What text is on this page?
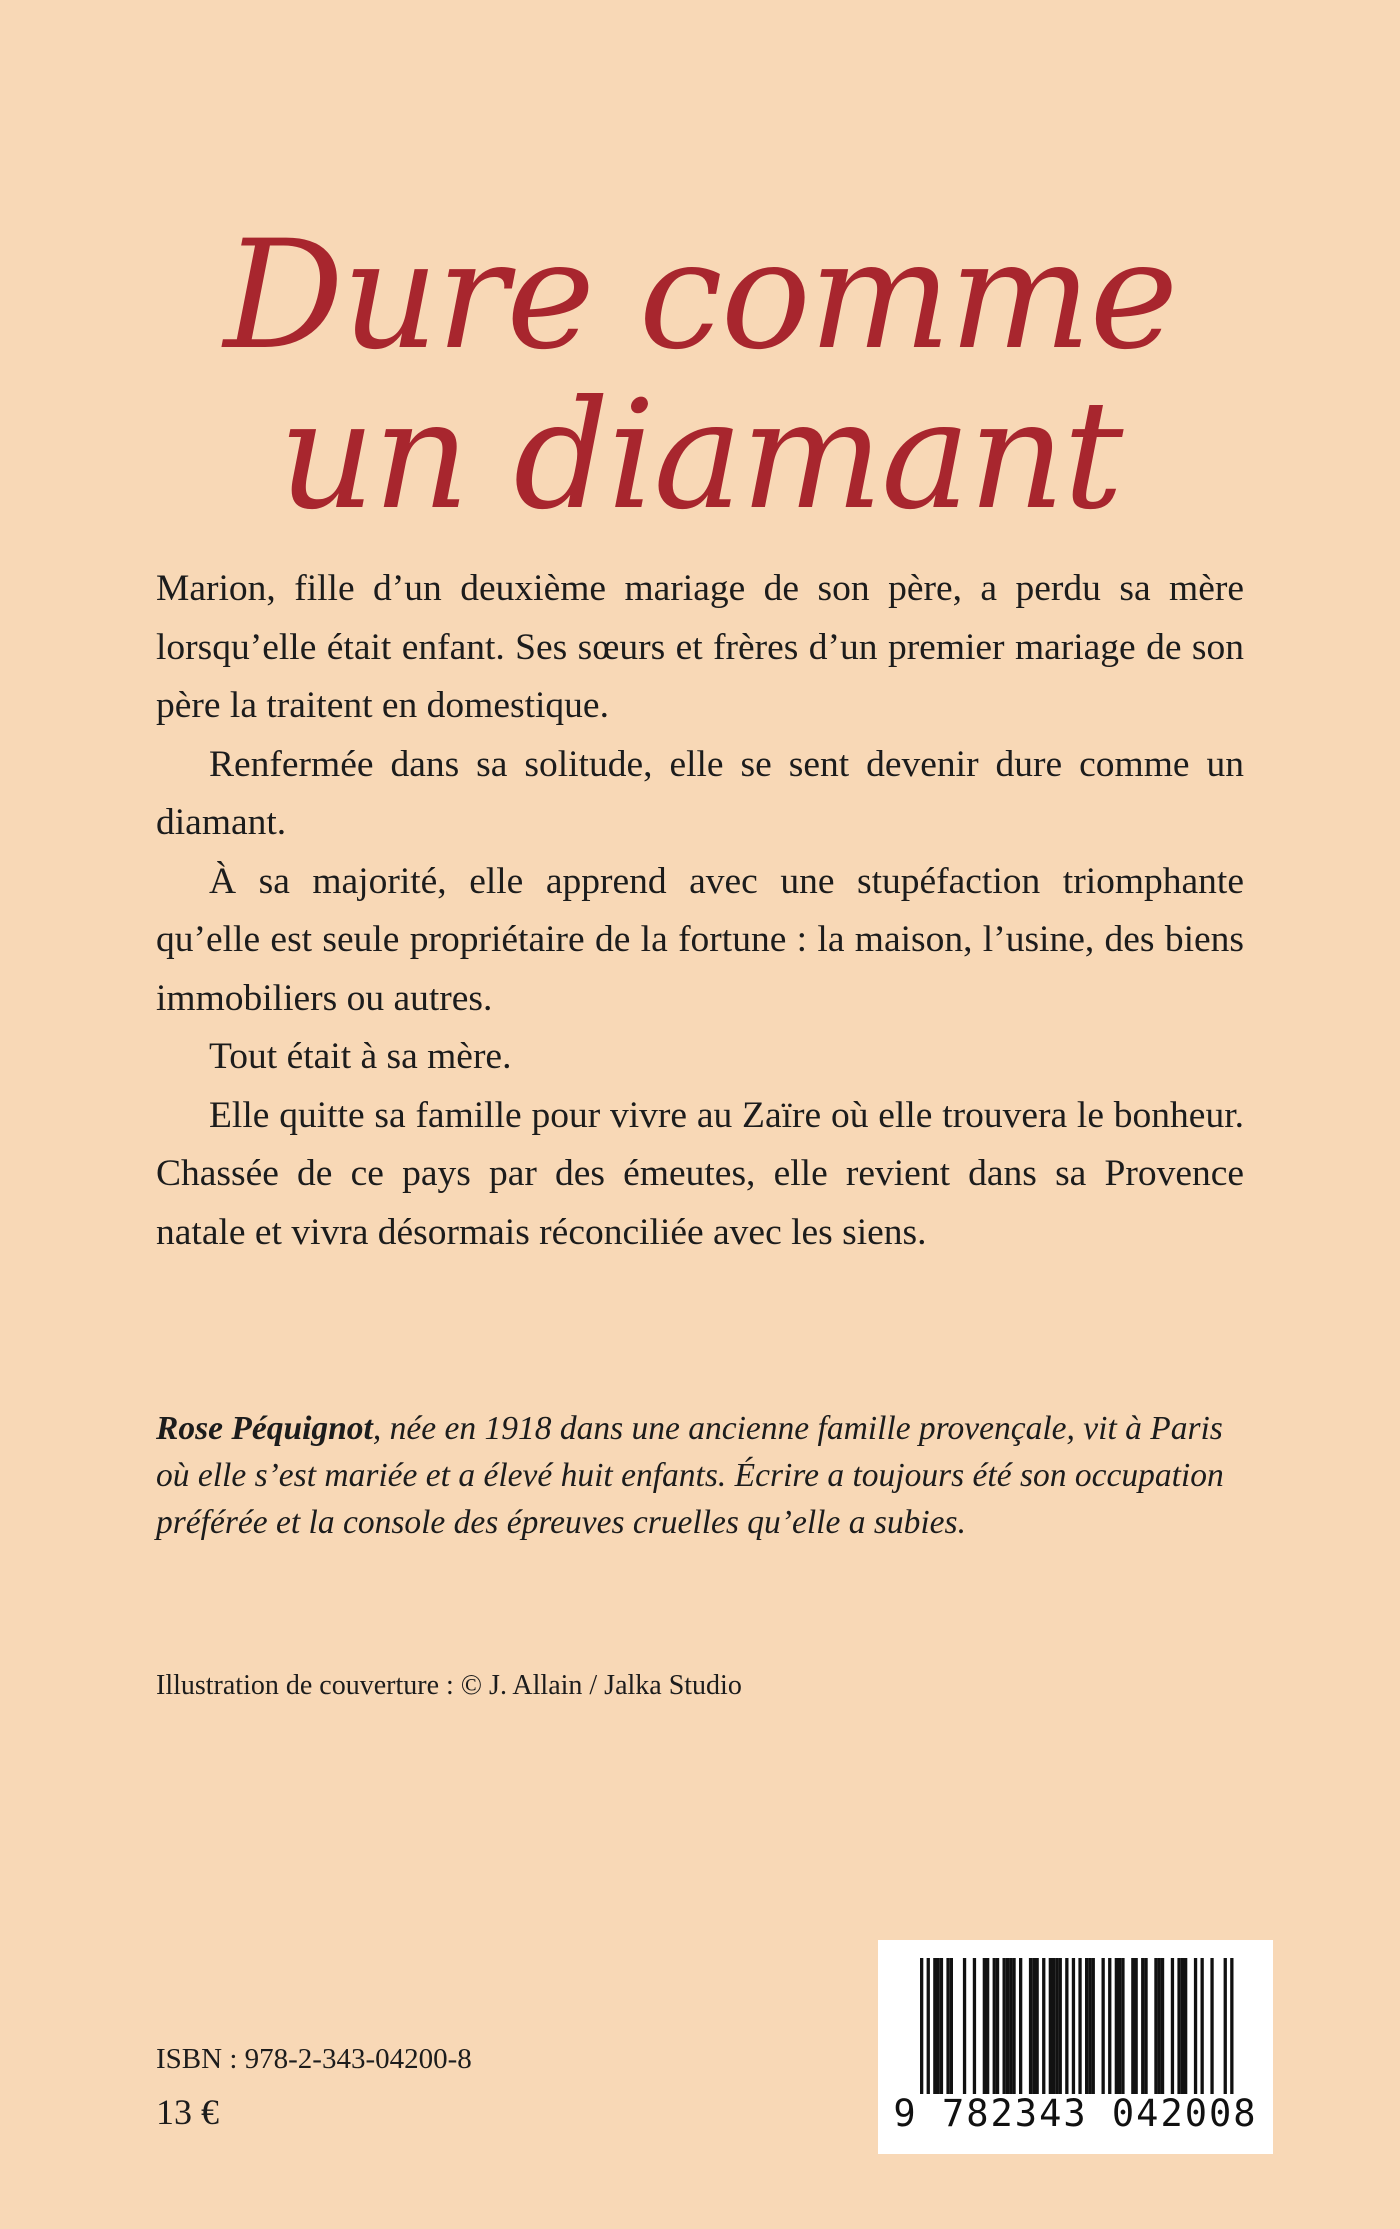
Dure comme
un diamant

Marion, fille d’un deuxième mariage de son père, a perdu sa mère lorsqu’elle était enfant. Ses sœurs et frères d’un premier mariage de son père la traitent en domestique.

Renfermée dans sa solitude, elle se sent devenir dure comme un diamant.

À sa majorité, elle apprend avec une stupéfaction triomphante qu’elle est seule propriétaire de la fortune : la maison, l’usine, des biens immobiliers ou autres.

Tout était à sa mère.

Elle quitte sa famille pour vivre au Zaïre où elle trouvera le bonheur. Chassée de ce pays par des émeutes, elle revient dans sa Provence natale et vivra désormais réconciliée avec les siens.

Rose Péquignot, née en 1918 dans une ancienne famille provençale, vit à Paris où elle s’est mariée et a élevé huit enfants. Écrire a toujours été son occupation préférée et la console des épreuves cruelles qu’elle a subies.

Illustration de couverture : © J. Allain / Jalka Studio
ISBN : 978-2-343-04200-8
13 €	9 782343 042008
